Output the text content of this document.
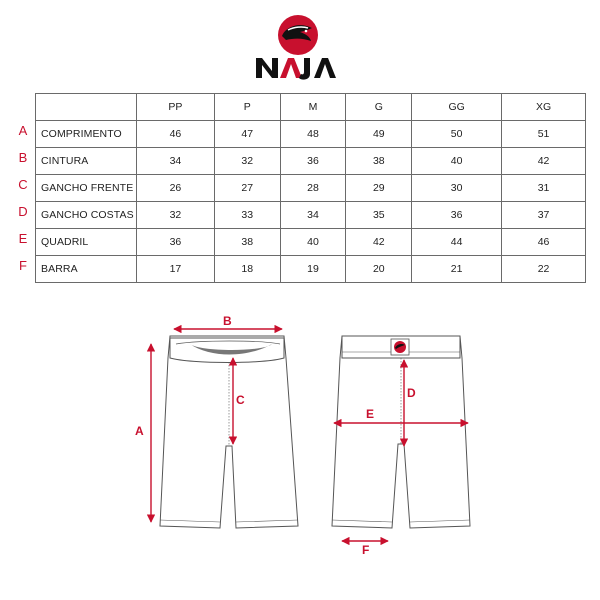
A
B
C
D
E
F
	PP	P	M	G	GG	XG
COMPRIMENTO	46	47	48	49	50	51
CINTURA	34	32	36	38	40	42
GANCHO FRENTE	26	27	28	29	30	31
GANCHO COSTAS	32	33	34	35	36	37
QUADRIL	36	38	40	42	44	46
BARRA	17	18	19	20	21	22
A
B
C	D
E
F
